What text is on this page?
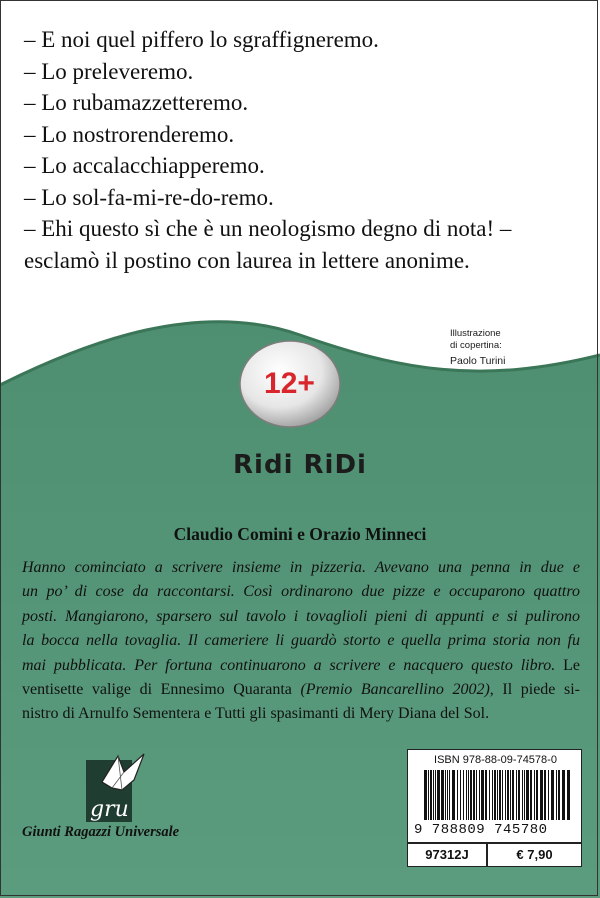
– E noi quel piffero lo sgraffigneremo.
– Lo preleveremo.
– Lo rubamazzetteremo.
– Lo nostrorenderemo.
– Lo accalacchiapperemo.
– Lo sol-fa-mi-re-do-remo.
– Ehi questo sì che è un neologismo degno di nota! –
esclamò il postino con laurea in lettere anonime.
Illustrazione
di copertina:
Paolo Turini
12+
Ridi RiDi
Claudio Comini e Orazio Minneci
Hanno cominciato a scrivere insieme in pizzeria. Avevano una penna in due e
un po’ di cose da raccontarsi. Così ordinarono due pizze e occuparono quattro
posti. Mangiarono, sparsero sul tavolo i tovaglioli pieni di appunti e si pulirono
la bocca nella tovaglia. Il cameriere li guardò storto e quella prima storia non fu
mai pubblicata. Per fortuna continuarono a scrivere e nacquero questo libro. Le
ventisette valige di Ennesimo Quaranta (Premio Bancarellino 2002), Il piede si-
nistro di Arnulfo Sementera e Tutti gli spasimanti di Mery Diana del Sol.
gru
Giunti Ragazzi Universale
ISBN 978-88-09-74578-0
9 788809 745780
97312J	€ 7,90
